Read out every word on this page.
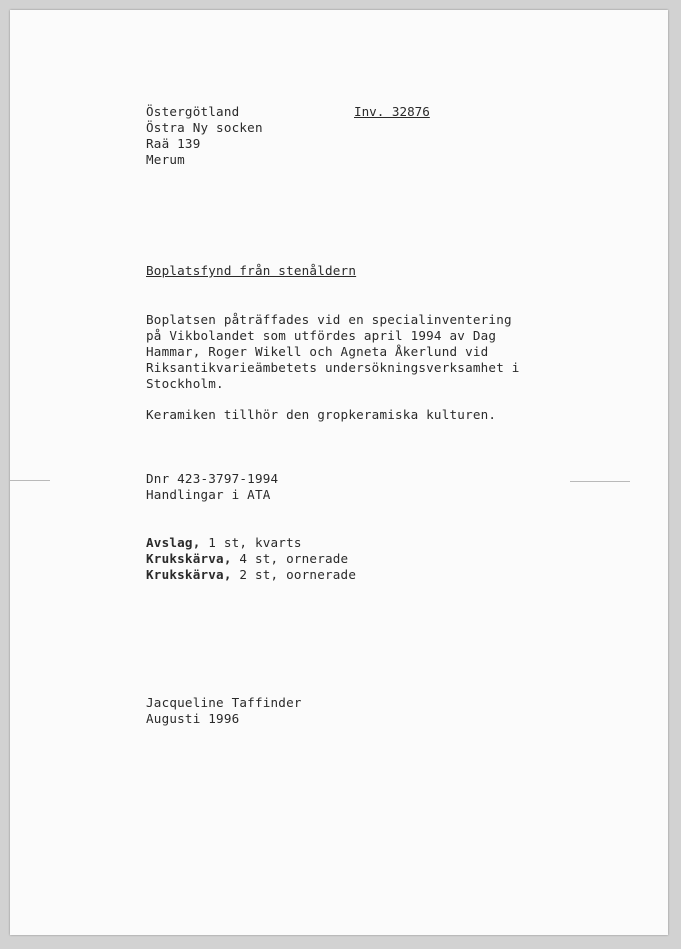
Östergötland
Östra Ny socken
Raä 139
Merum
Inv. 32876
Boplatsfynd från stenåldern
Boplatsen påträffades vid en specialinventering
på Vikbolandet som utfördes april 1994 av Dag
Hammar, Roger Wikell och Agneta Åkerlund vid
Riksantikvarieämbetets undersökningsverksamhet i
Stockholm.
Keramiken tillhör den gropkeramiska kulturen.
Dnr 423-3797-1994
Handlingar i ATA
Avslag, 1 st, kvarts
Krukskärva, 4 st, ornerade
Krukskärva, 2 st, oornerade
Jacqueline Taffinder
Augusti 1996
